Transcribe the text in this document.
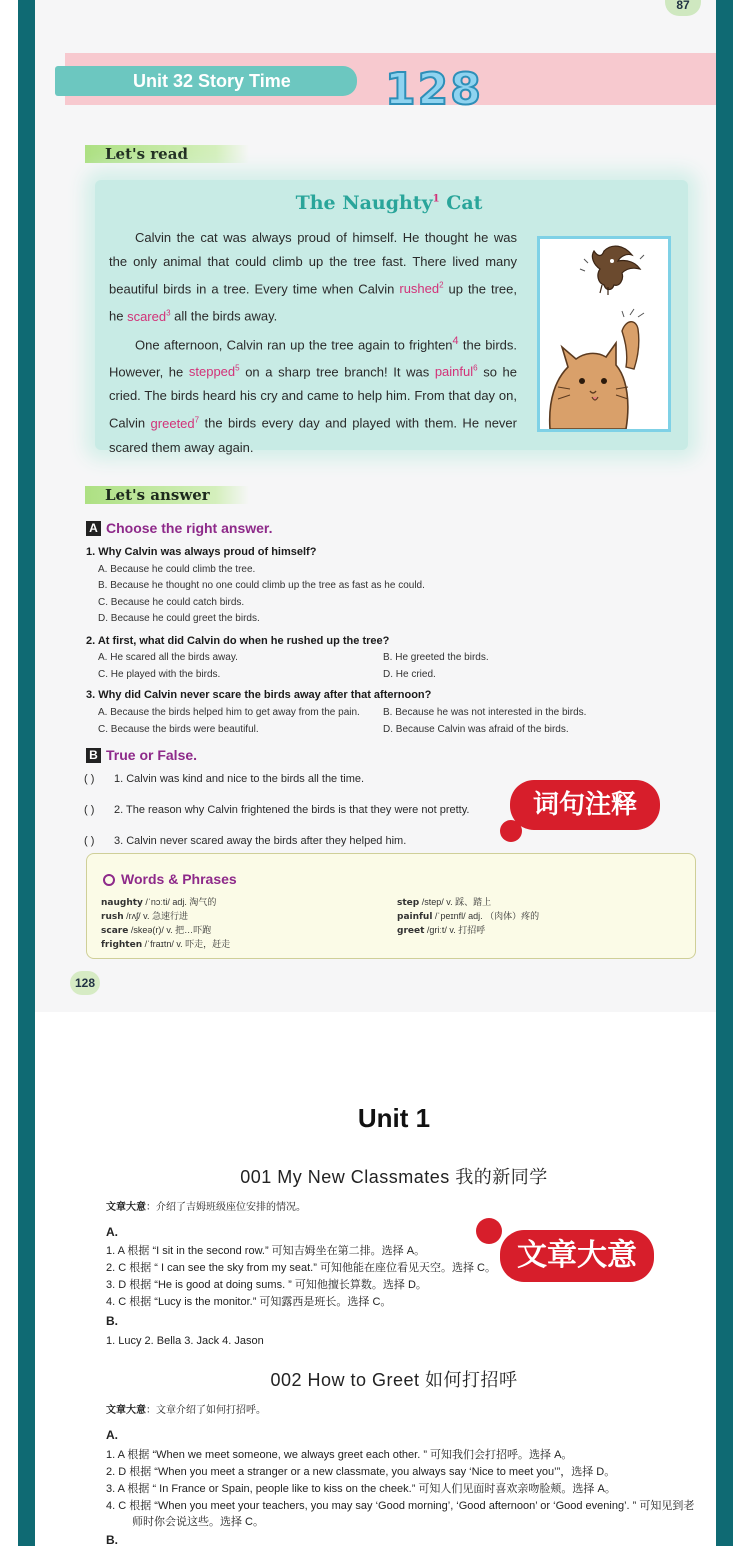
87
Unit 32 Story Time	128
Let's read
The Naughty$^1$ Cat

Calvin the cat was always proud of himself. He thought he was the only animal that could climb up the tree fast. There lived many beautiful birds in a tree. Every time when Calvin rushed$^2$ up the tree, he scared$^3$ all the birds away.

One afternoon, Calvin ran up the tree again to frighten$^4$ the birds. However, he stepped$^5$ on a sharp tree branch! It was painful$^6$ so he cried. The birds heard his cry and came to help him. From that day on, Calvin greeted$^7$ the birds every day and played with them. He never scared them away again.

Let's answer
A Choose the right answer.
1. Why Calvin was always proud of himself?
A. Because he could climb the tree.
B. Because he thought no one could climb up the tree as fast as he could.
C. Because he could catch birds.
D. Because he could greet the birds.
2. At first, what did Calvin do when he rushed up the tree?
A. He scared all the birds away.	B. He greeted the birds.
C. He played with the birds.	D. He cried.
3. Why did Calvin never scare the birds away after that afternoon?
A. Because the birds helped him to get away from the pain. B. Because he was not interested in the birds.
C. Because the birds were beautiful.	D. Because Calvin was afraid of the birds.
B True or False.
( ) 1. Calvin was kind and nice to the birds all the time.
( ) 2. The reason why Calvin frightened the birds is that they were not pretty.
( ) 3. Calvin never scared away the birds after they helped him.
词句注释
Words & Phrases
naughty /ˈnɔːti/ adj. 淘气的
rush /rʌʃ/ v. 急速行进
scare /skeə(r)/ v. 把…吓跑
frighten /ˈfraɪtn/ v. 吓走，赶走
step /step/ v. 踩、踏上
painful /ˈpeɪnfl/ adj. （肉体）疼的
greet /ɡriːt/ v. 打招呼
128
Unit 1
001 My New Classmates 我的新同学
文章大意：介绍了吉姆班级座位安排的情况。
A.
1. A 根据 “I sit in the second row.” 可知吉姆坐在第二排。选择 A。
2. C 根据 “ I can see the sky from my seat.” 可知他能在座位看见天空。选择 C。
3. D 根据 “He is good at doing sums. ” 可知他擅长算数。选择 D。
4. C 根据 “Lucy is the monitor.” 可知露西是班长。选择 C。
B.
1. Lucy 2. Bella 3. Jack 4. Jason
文章大意
002 How to Greet 如何打招呼
文章大意：文章介绍了如何打招呼。
A.
1. A 根据 “When we meet someone, we always greet each other. ” 可知我们会打招呼。选择 A。
2. D 根据 “When you meet a stranger or a new classmate, you always say ‘Nice to meet you’”，选择 D。
3. A 根据 “ In France or Spain, people like to kiss on the cheek.” 可知人们见面时喜欢亲吻脸颊。选择 A。
4. C 根据 “When you meet your teachers, you may say ‘Good morning’, ‘Good afternoon’ or ‘Good evening’. ” 可知见到老
师时你会说这些。选择 C。
B.
